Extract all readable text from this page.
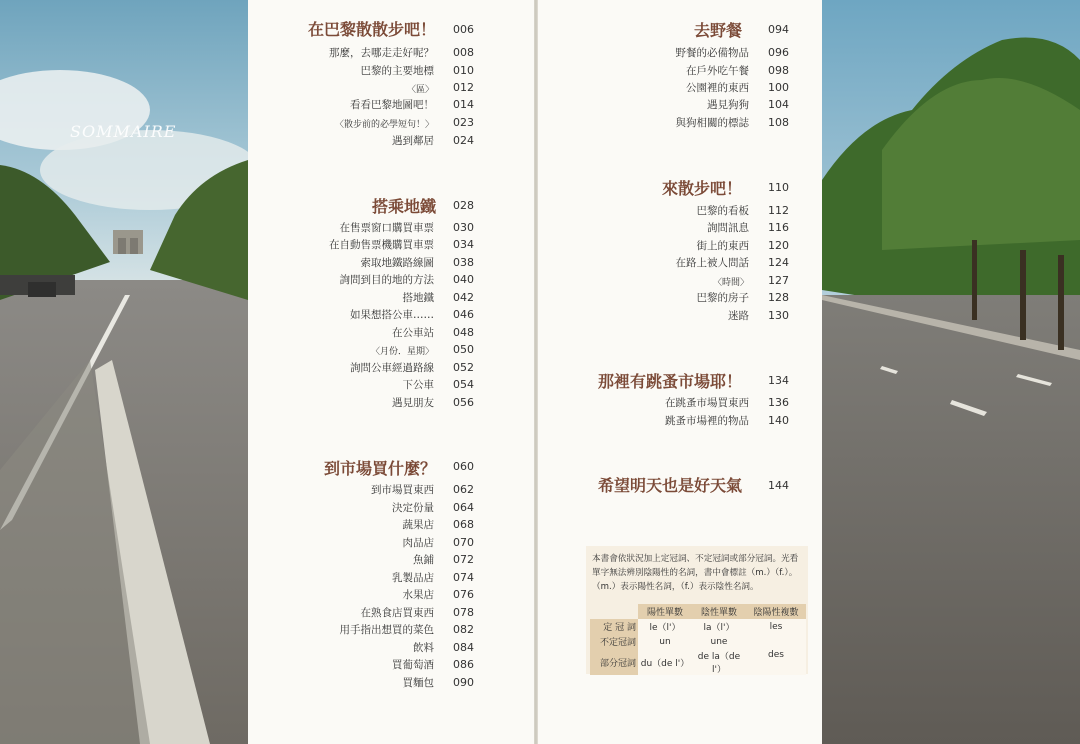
SOMMAIRE
在巴黎散散步吧！ 006
那麼，去哪走走好呢？ 008
巴黎的主要地標 010
〈區〉 012
看看巴黎地圖吧！ 014
〈散步前的必學短句！〉 023
遇到鄰居 024
搭乘地鐵 028
在售票窗口購買車票 030
在自動售票機購買車票 034
索取地鐵路線圖 038
詢問到目的地的方法 040
搭地鐵 042
如果想搭公車…… 046
在公車站 048
〈月份．星期〉 050
詢問公車經過路線 052
下公車 054
遇見朋友 056
到市場買什麼？ 060
到市場買東西 062
決定份量 064
蔬果店 068
肉品店 070
魚鋪 072
乳製品店 074
水果店 076
在熟食店買東西 078
用手指出想買的菜色 082
飲料 084
買葡萄酒 086
買麵包 090
去野餐 094
野餐的必備物品 096
在戶外吃午餐 098
公園裡的東西 100
遇見狗狗 104
與狗相關的標誌 108
來散步吧！ 110
巴黎的看板 112
詢問訊息 116
街上的東西 120
在路上被人問話 124
〈時間〉 127
巴黎的房子 128
迷路 130
那裡有跳蚤市場耶！ 134
在跳蚤市場買東西 136
跳蚤市場裡的物品 140
希望明天也是好天氣 144
本書會依狀況加上定冠詞、不定冠詞或部分冠詞。光看單字無法辨別陰陽性的名詞，書中會標註（m.）（f.）。（m.）表示陽性名詞，（f.）表示陰性名詞。
	陽性單數	陰性單數	陰陽性複數
定 冠 詞	le（l'）	la（l'）	les
不定冠詞	un	une	des
部分冠詞	du（de l'）	de la（de l'）	
